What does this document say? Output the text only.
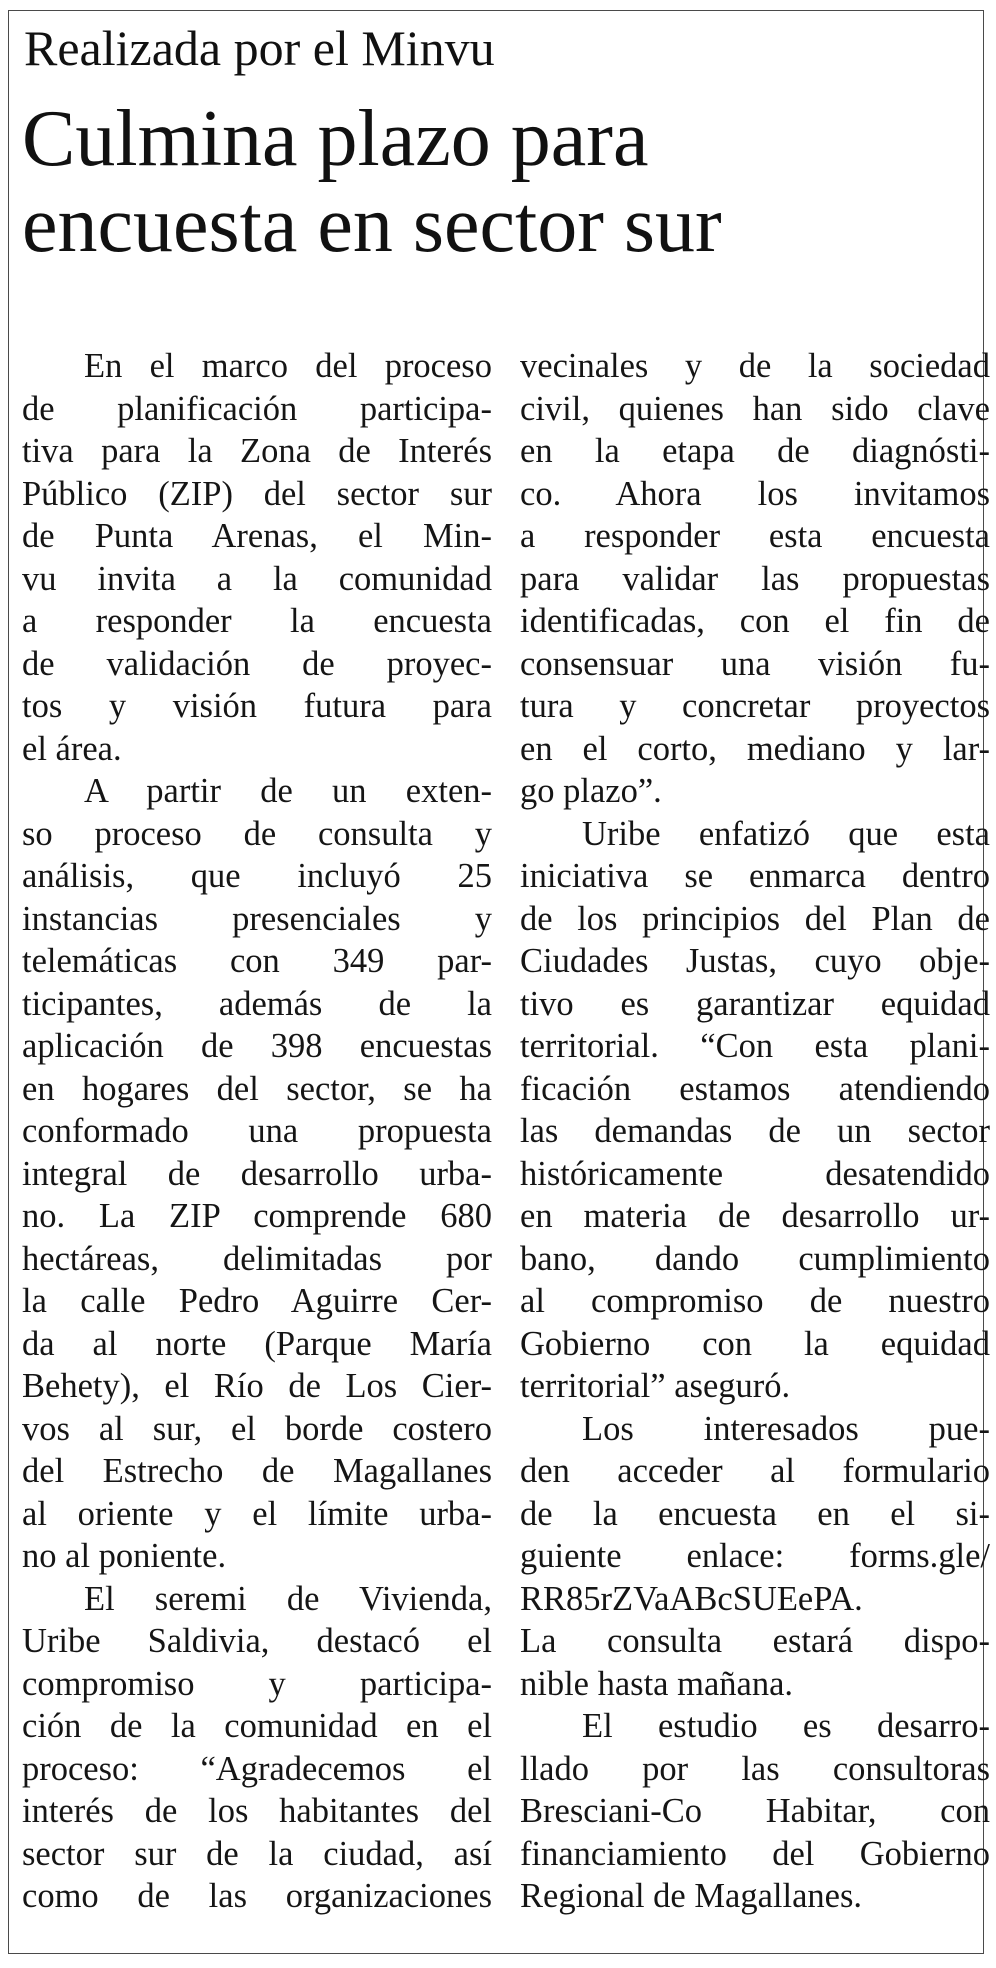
Realizada por el Minvu
Culmina plazo para
encuesta en sector sur
En el marco del proceso
de planificación participa-
tiva para la Zona de Interés
Público (ZIP) del sector sur
de Punta Arenas, el Min-
vu invita a la comunidad
a responder la encuesta
de validación de proyec-
tos y visión futura para
el área.
A partir de un exten-
so proceso de consulta y
análisis, que incluyó 25
instancias presenciales y
telemáticas con 349 par-
ticipantes, además de la
aplicación de 398 encuestas
en hogares del sector, se ha
conformado una propuesta
integral de desarrollo urba-
no. La ZIP comprende 680
hectáreas, delimitadas por
la calle Pedro Aguirre Cer-
da al norte (Parque María
Behety), el Río de Los Cier-
vos al sur, el borde costero
del Estrecho de Magallanes
al oriente y el límite urba-
no al poniente.
El seremi de Vivienda,
Uribe Saldivia, destacó el
compromiso y participa-
ción de la comunidad en el
proceso: “Agradecemos el
interés de los habitantes del
sector sur de la ciudad, así
como de las organizaciones
vecinales y de la sociedad
civil, quienes han sido clave
en la etapa de diagnósti-
co. Ahora los invitamos
a responder esta encuesta
para validar las propuestas
identificadas, con el fin de
consensuar una visión fu-
tura y concretar proyectos
en el corto, mediano y lar-
go plazo”.
Uribe enfatizó que esta
iniciativa se enmarca dentro
de los principios del Plan de
Ciudades Justas, cuyo obje-
tivo es garantizar equidad
territorial. “Con esta plani-
ficación estamos atendiendo
las demandas de un sector
históricamente desatendido
en materia de desarrollo ur-
bano, dando cumplimiento
al compromiso de nuestro
Gobierno con la equidad
territorial” aseguró.
Los interesados pue-
den acceder al formulario
de la encuesta en el si-
guiente enlace: forms.gle/
RR85rZVaABcSUEePA.
La consulta estará dispo-
nible hasta mañana.
El estudio es desarro-
llado por las consultoras
Bresciani-Co Habitar, con
financiamiento del Gobierno
Regional de Magallanes.
